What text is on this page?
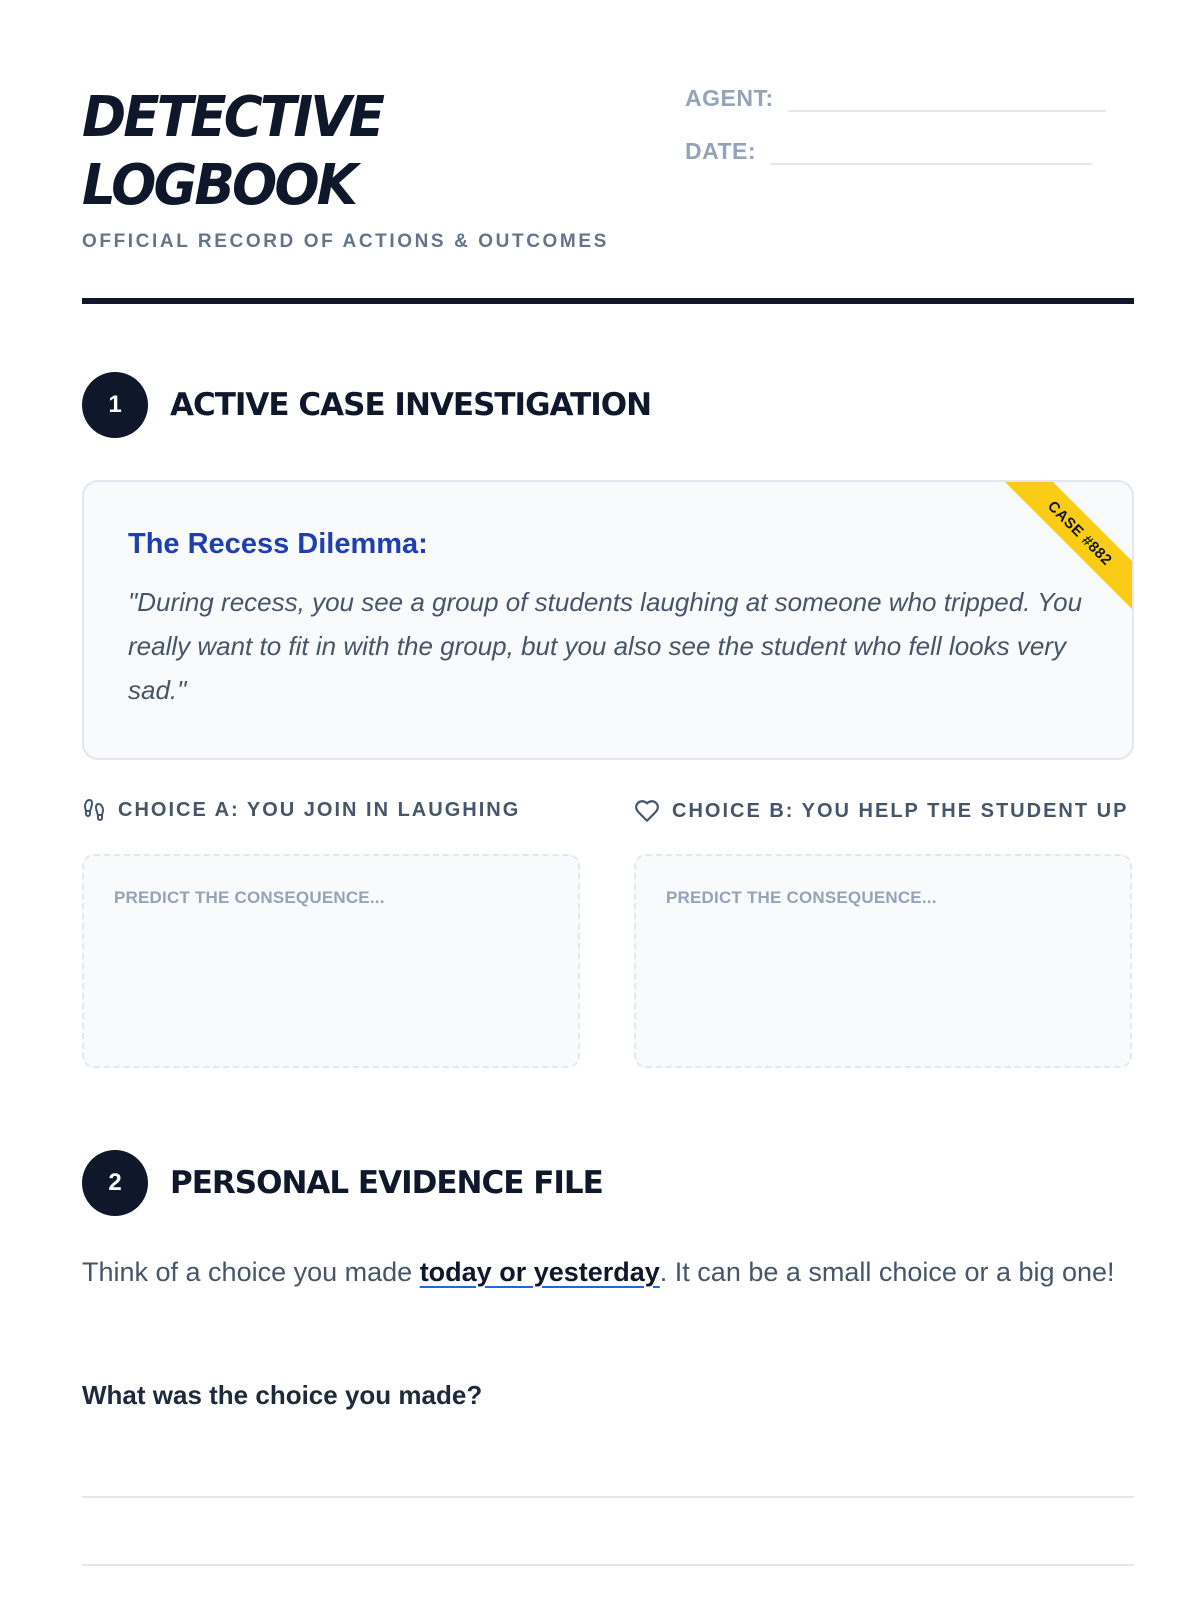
DETECTIVE
LOGBOOK
OFFICIAL RECORD OF ACTIONS & OUTCOMES
AGENT:
DATE:
1	ACTIVE CASE INVESTIGATION
CASE #882
The Recess Dilemma:
"During recess, you see a group of students laughing at someone who tripped. You really want to fit in with the group, but you also see the student who fell looks very sad."
CHOICE A: YOU JOIN IN LAUGHING	CHOICE B: YOU HELP THE STUDENT UP
PREDICT THE CONSEQUENCE...
PREDICT THE CONSEQUENCE...
2	PERSONAL EVIDENCE FILE
Think of a choice you made today or yesterday. It can be a small choice or a big one!
What was the choice you made?
